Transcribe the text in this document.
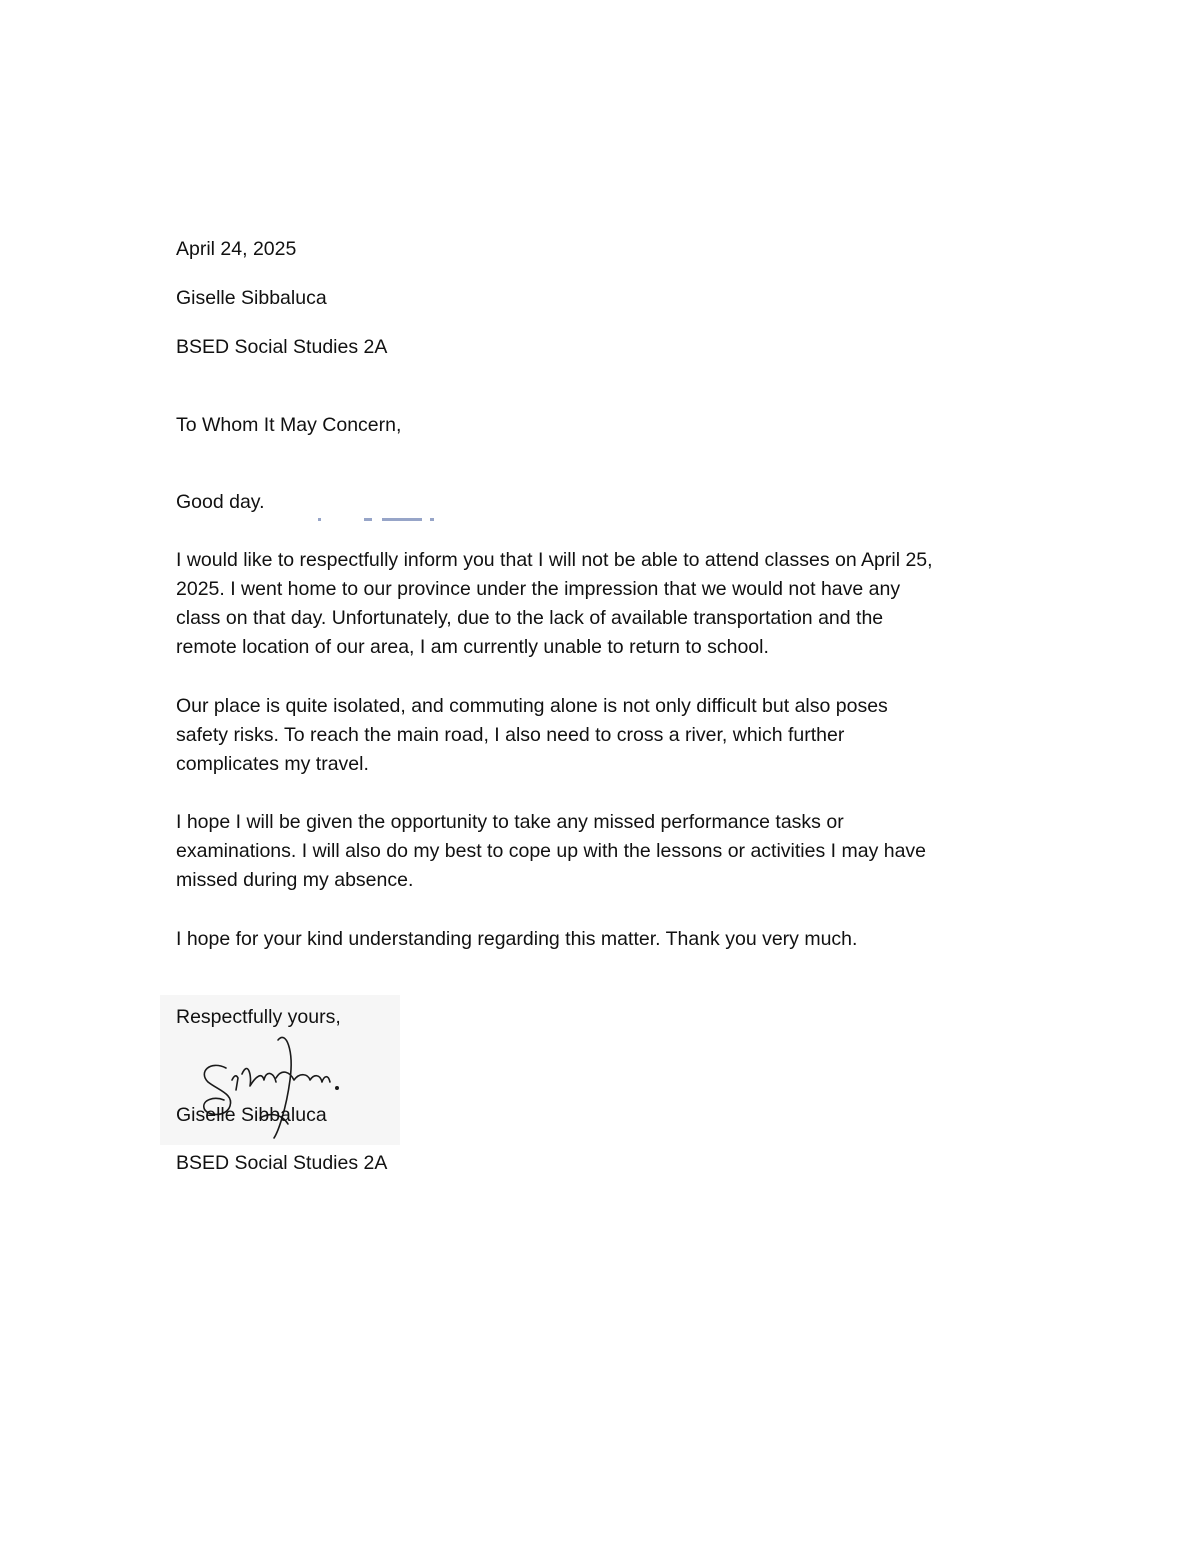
April 24, 2025
Giselle Sibbaluca
BSED Social Studies 2A
To Whom It May Concern,
Good day.
I would like to respectfully inform you that I will not be able to attend classes on April 25,
2025. I went home to our province under the impression that we would not have any
class on that day. Unfortunately, due to the lack of available transportation and the
remote location of our area, I am currently unable to return to school.
Our place is quite isolated, and commuting alone is not only difficult but also poses
safety risks. To reach the main road, I also need to cross a river, which further
complicates my travel.
I hope I will be given the opportunity to take any missed performance tasks or
examinations. I will also do my best to cope up with the lessons or activities I may have
missed during my absence.
I hope for your kind understanding regarding this matter. Thank you very much.
Respectfully yours,
Giselle Sibbaluca
BSED Social Studies 2A
